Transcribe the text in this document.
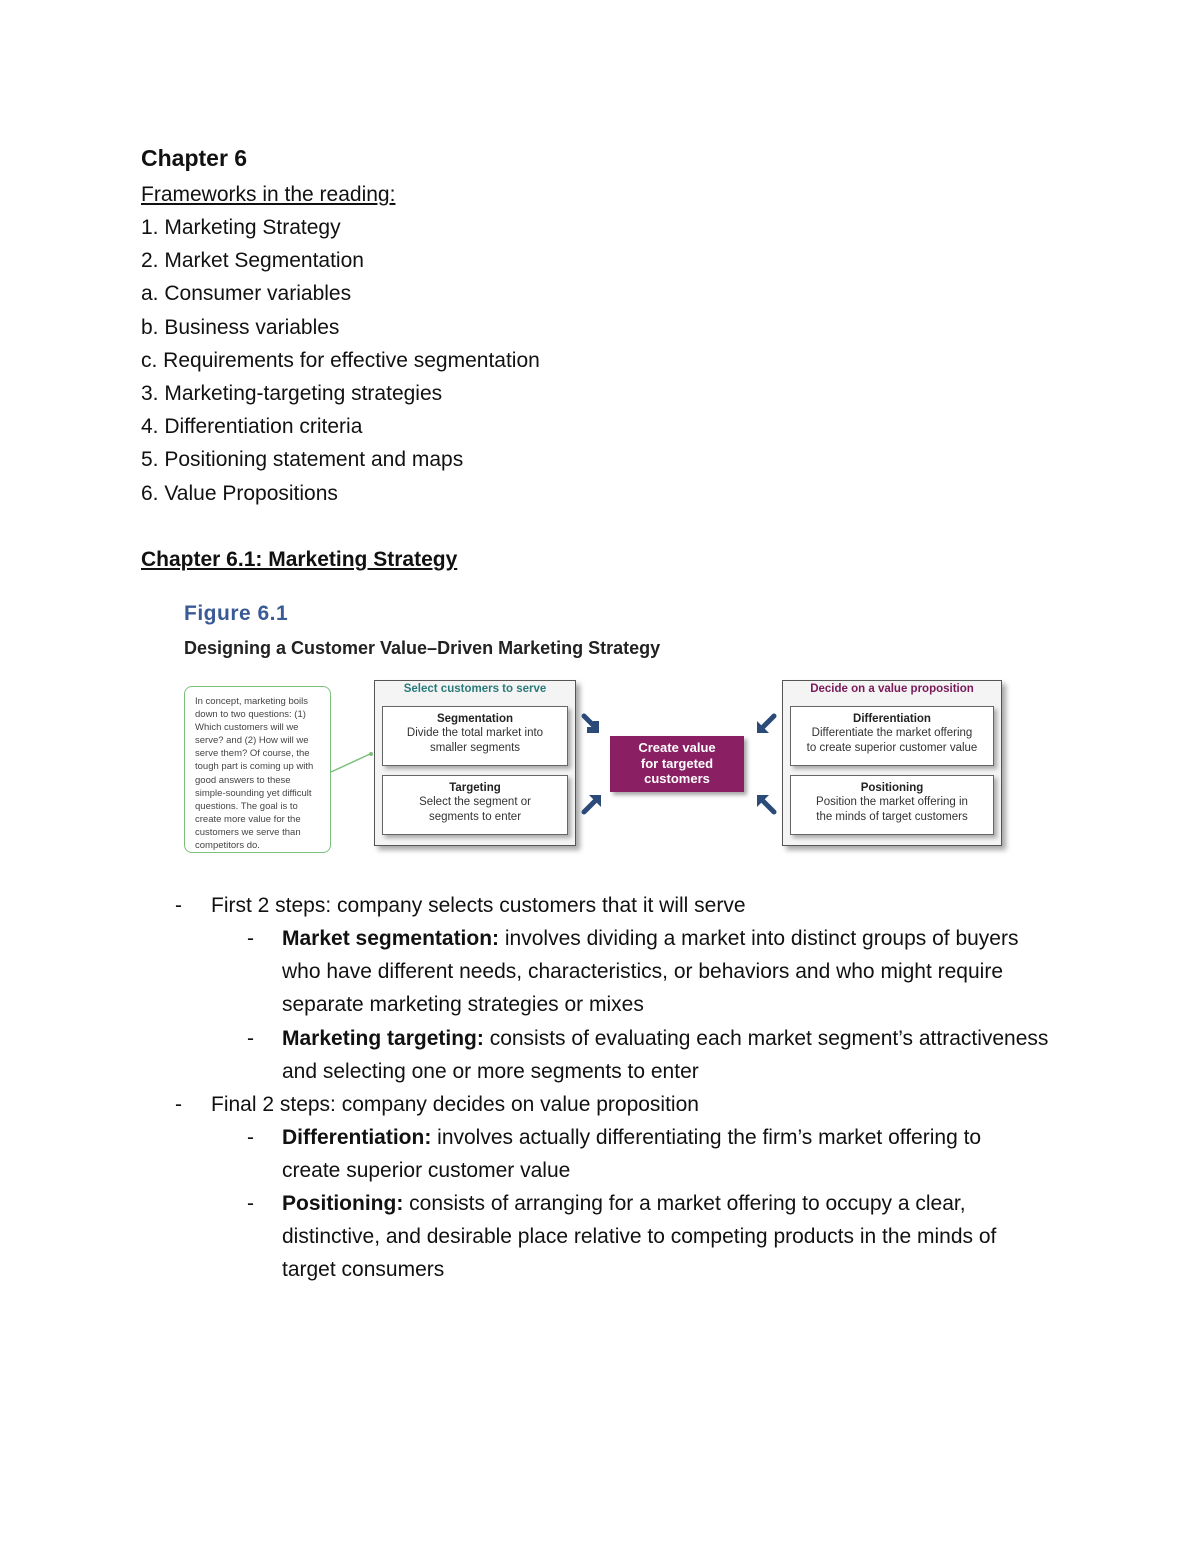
Chapter 6
Frameworks in the reading:
1. Marketing Strategy
2. Market Segmentation
a. Consumer variables
b. Business variables
c. Requirements for effective segmentation
3. Marketing-targeting strategies
4. Differentiation criteria
5. Positioning statement and maps
6. Value Propositions
Chapter 6.1: Marketing Strategy
Figure 6.1
Designing a Customer Value–Driven Marketing Strategy
In concept, marketing boils down to two questions: (1) Which customers will we serve? and (2) How will we serve them? Of course, the tough part is coming up with good answers to these simple-sounding yet difficult questions. The goal is to create more value for the customers we serve than competitors do.
Select customers to serve
Segmentation
Divide the total market into
smaller segments
Targeting
Select the segment or
segments to enter
Create value
for targeted
customers
Decide on a value proposition
Differentiation
Differentiate the market offering
to create superior customer value
Positioning
Position the market offering in
the minds of target customers
- First 2 steps: company selects customers that it will serve
- Market segmentation: involves dividing a market into distinct groups of buyers
who have different needs, characteristics, or behaviors and who might require
separate marketing strategies or mixes
- Marketing targeting: consists of evaluating each market segment’s attractiveness
and selecting one or more segments to enter
- Final 2 steps: company decides on value proposition
- Differentiation: involves actually differentiating the firm’s market offering to
create superior customer value
- Positioning: consists of arranging for a market offering to occupy a clear,
distinctive, and desirable place relative to competing products in the minds of
target consumers
